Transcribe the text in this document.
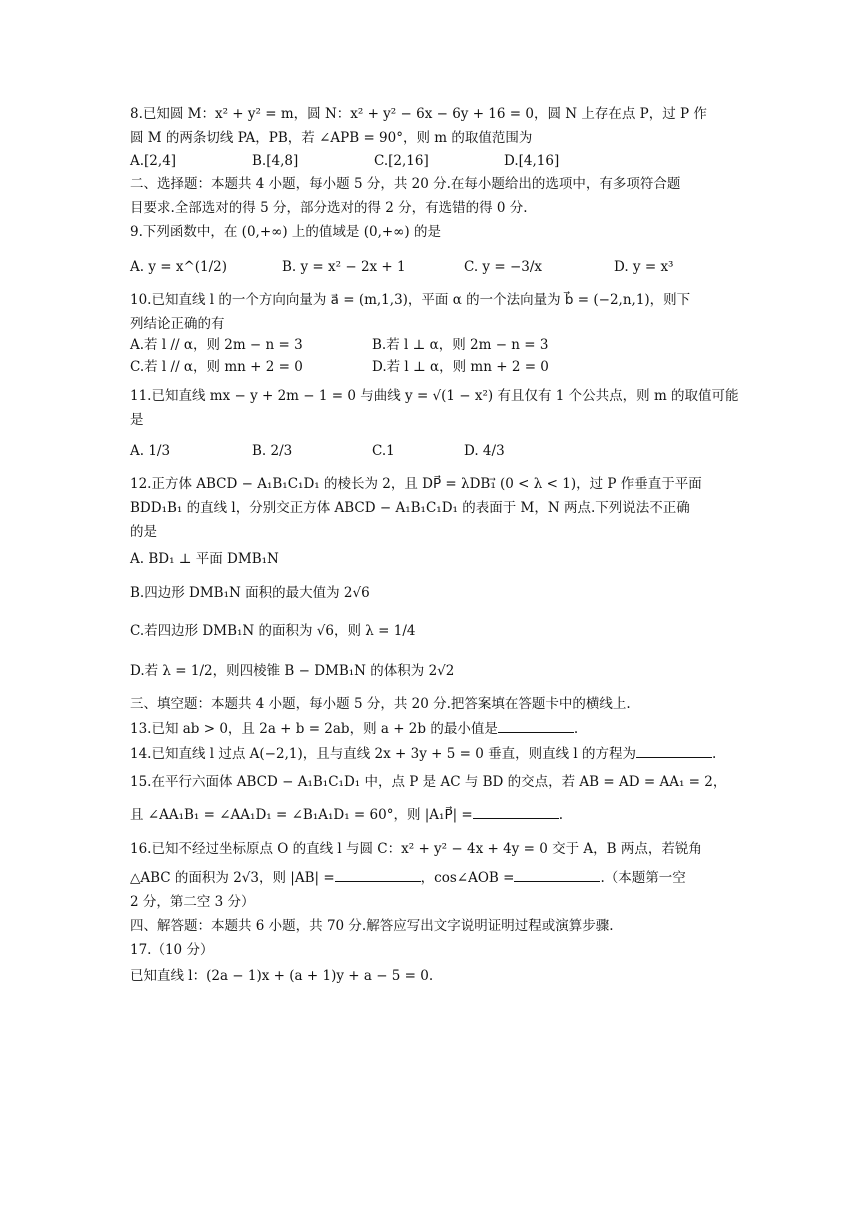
8.已知圆 M：x² + y² = m，圆 N：x² + y² − 6x − 6y + 16 = 0，圆 N 上存在点 P，过 P 作
圆 M 的两条切线 PA，PB，若 ∠APB = 90°，则 m 的取值范围为
A.[2,4]	B.[4,8]	C.[2,16]	D.[4,16]
二、选择题：本题共 4 小题，每小题 5 分，共 20 分.在每小题给出的选项中，有多项符合题
目要求.全部选对的得 5 分，部分选对的得 2 分，有选错的得 0 分.
9.下列函数中，在 (0,+∞) 上的值域是 (0,+∞) 的是
A. y = x^(1/2)	B. y = x² − 2x + 1	C. y = −3/x	D. y = x³
10.已知直线 l 的一个方向向量为 a⃗ = (m,1,3)，平面 α 的一个法向量为 b⃗ = (−2,n,1)，则下
列结论正确的有
A.若 l // α，则 2m − n = 3	B.若 l ⊥ α，则 2m − n = 3
C.若 l // α，则 mn + 2 = 0	D.若 l ⊥ α，则 mn + 2 = 0
11.已知直线 mx − y + 2m − 1 = 0 与曲线 y = √(1 − x²) 有且仅有 1 个公共点，则 m 的取值可能
是
A. 1/3	B. 2/3	C.1	D. 4/3
12.正方体 ABCD − A₁B₁C₁D₁ 的棱长为 2，且 DP⃗ = λDB₁⃗ (0 < λ < 1)，过 P 作垂直于平面
BDD₁B₁ 的直线 l，分别交正方体 ABCD − A₁B₁C₁D₁ 的表面于 M，N 两点.下列说法不正确
的是
A. BD₁ ⊥ 平面 DMB₁N
B.四边形 DMB₁N 面积的最大值为 2√6
C.若四边形 DMB₁N 的面积为 √6，则 λ = 1/4
D.若 λ = 1/2，则四棱锥 B − DMB₁N 的体积为 2√2
三、填空题：本题共 4 小题，每小题 5 分，共 20 分.把答案填在答题卡中的横线上.
13.已知 ab > 0，且 2a + b = 2ab，则 a + 2b 的最小值是	.
14.已知直线 l 过点 A(−2,1)，且与直线 2x + 3y + 5 = 0 垂直，则直线 l 的方程为	.
15.在平行六面体 ABCD − A₁B₁C₁D₁ 中，点 P 是 AC 与 BD 的交点，若 AB = AD = AA₁ = 2，
且 ∠AA₁B₁ = ∠AA₁D₁ = ∠B₁A₁D₁ = 60°，则 |A₁P⃗| =	.
16.已知不经过坐标原点 O 的直线 l 与圆 C：x² + y² − 4x + 4y = 0 交于 A，B 两点，若锐角
△ABC 的面积为 2√3，则 |AB| =	，cos∠AOB =	.（本题第一空
2 分，第二空 3 分）
四、解答题：本题共 6 小题，共 70 分.解答应写出文字说明证明过程或演算步骤.
17.（10 分）
已知直线 l：(2a − 1)x + (a + 1)y + a − 5 = 0.
